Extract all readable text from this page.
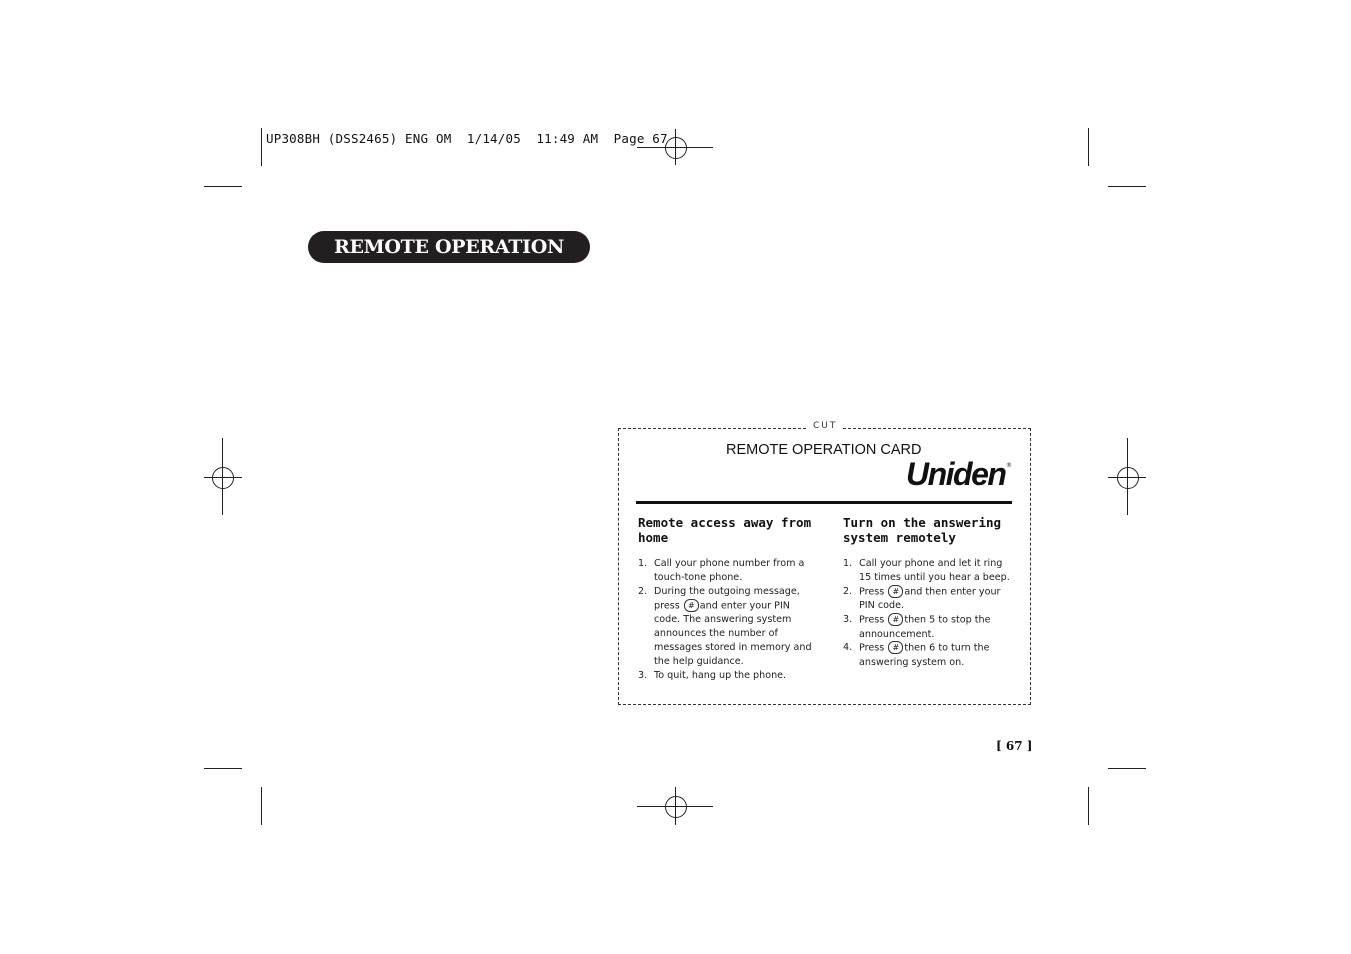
UP308BH (DSS2465) ENG OM  1/14/05  11:49 AM  Page 67
REMOTE OPERATION CARD
CUT
REMOTE OPERATION CARD
Uniden ®
Remote access away from home
1. Call your phone number from a touch-tone phone.
2. During the outgoing message, press # and enter your PIN code. The answering system announces the number of messages stored in memory and the help guidance.
3. To quit, hang up the phone.
Turn on the answering system remotely
1. Call your phone and let it ring 15 times until you hear a beep.
2. Press # and then enter your PIN code.
3. Press # then 5 to stop the announcement.
4. Press # then 6 to turn the answering system on.
[ 67 ]
